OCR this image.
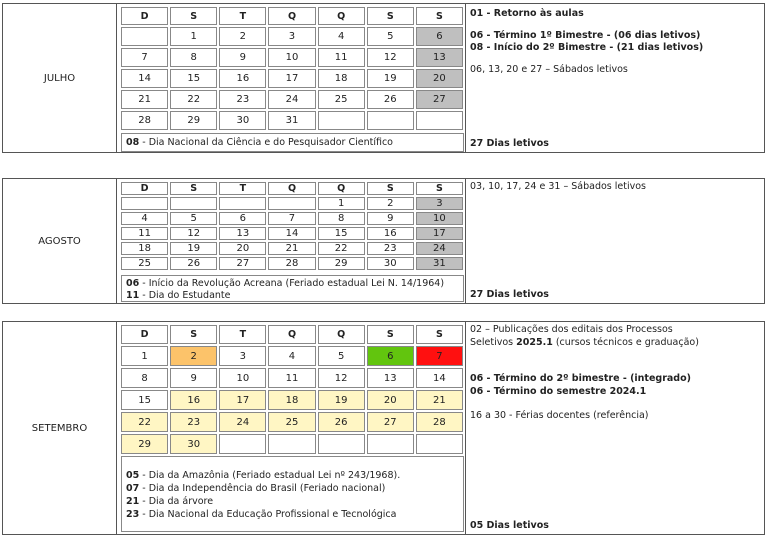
JULHO
D	S	T	Q	Q	S	S
	1	2	3	4	5	6
7	8	9	10	11	12	13
14	15	16	17	18	19	20
21	22	23	24	25	26	27
28	29	30	31			
08 - Dia Nacional da Ciência e do Pesquisador Científico
01 - Retorno às aulas
06 - Término 1º Bimestre - (06 dias letivos)
08 - Início do 2º Bimestre - (21 dias letivos)
06, 13, 20 e 27 – Sábados letivos
27 Dias letivos
AGOSTO
D	S	T	Q	Q	S	S
				1	2	3
4	5	6	7	8	9	10
11	12	13	14	15	16	17
18	19	20	21	22	23	24
25	26	27	28	29	30	31
06 - Início da Revolução Acreana (Feriado estadual Lei N. 14/1964)
11 - Dia do Estudante
03, 10, 17, 24 e 31 – Sábados letivos
27 Dias letivos
SETEMBRO
D	S	T	Q	Q	S	S
1	2	3	4	5	6	7
8	9	10	11	12	13	14
15	16	17	18	19	20	21
22	23	24	25	26	27	28
29	30					
05 - Dia da Amazônia (Feriado estadual Lei nº 243/1968).
07 - Dia da Independência do Brasil (Feriado nacional)
21 - Dia da árvore
23 - Dia Nacional da Educação Profissional e Tecnológica
02 – Publicações dos editais dos Processos
Seletivos 2025.1 (cursos técnicos e graduação)
06 - Término do 2º bimestre - (integrado)
06 - Término do semestre 2024.1
16 a 30 - Férias docentes (referência)
05 Dias letivos
